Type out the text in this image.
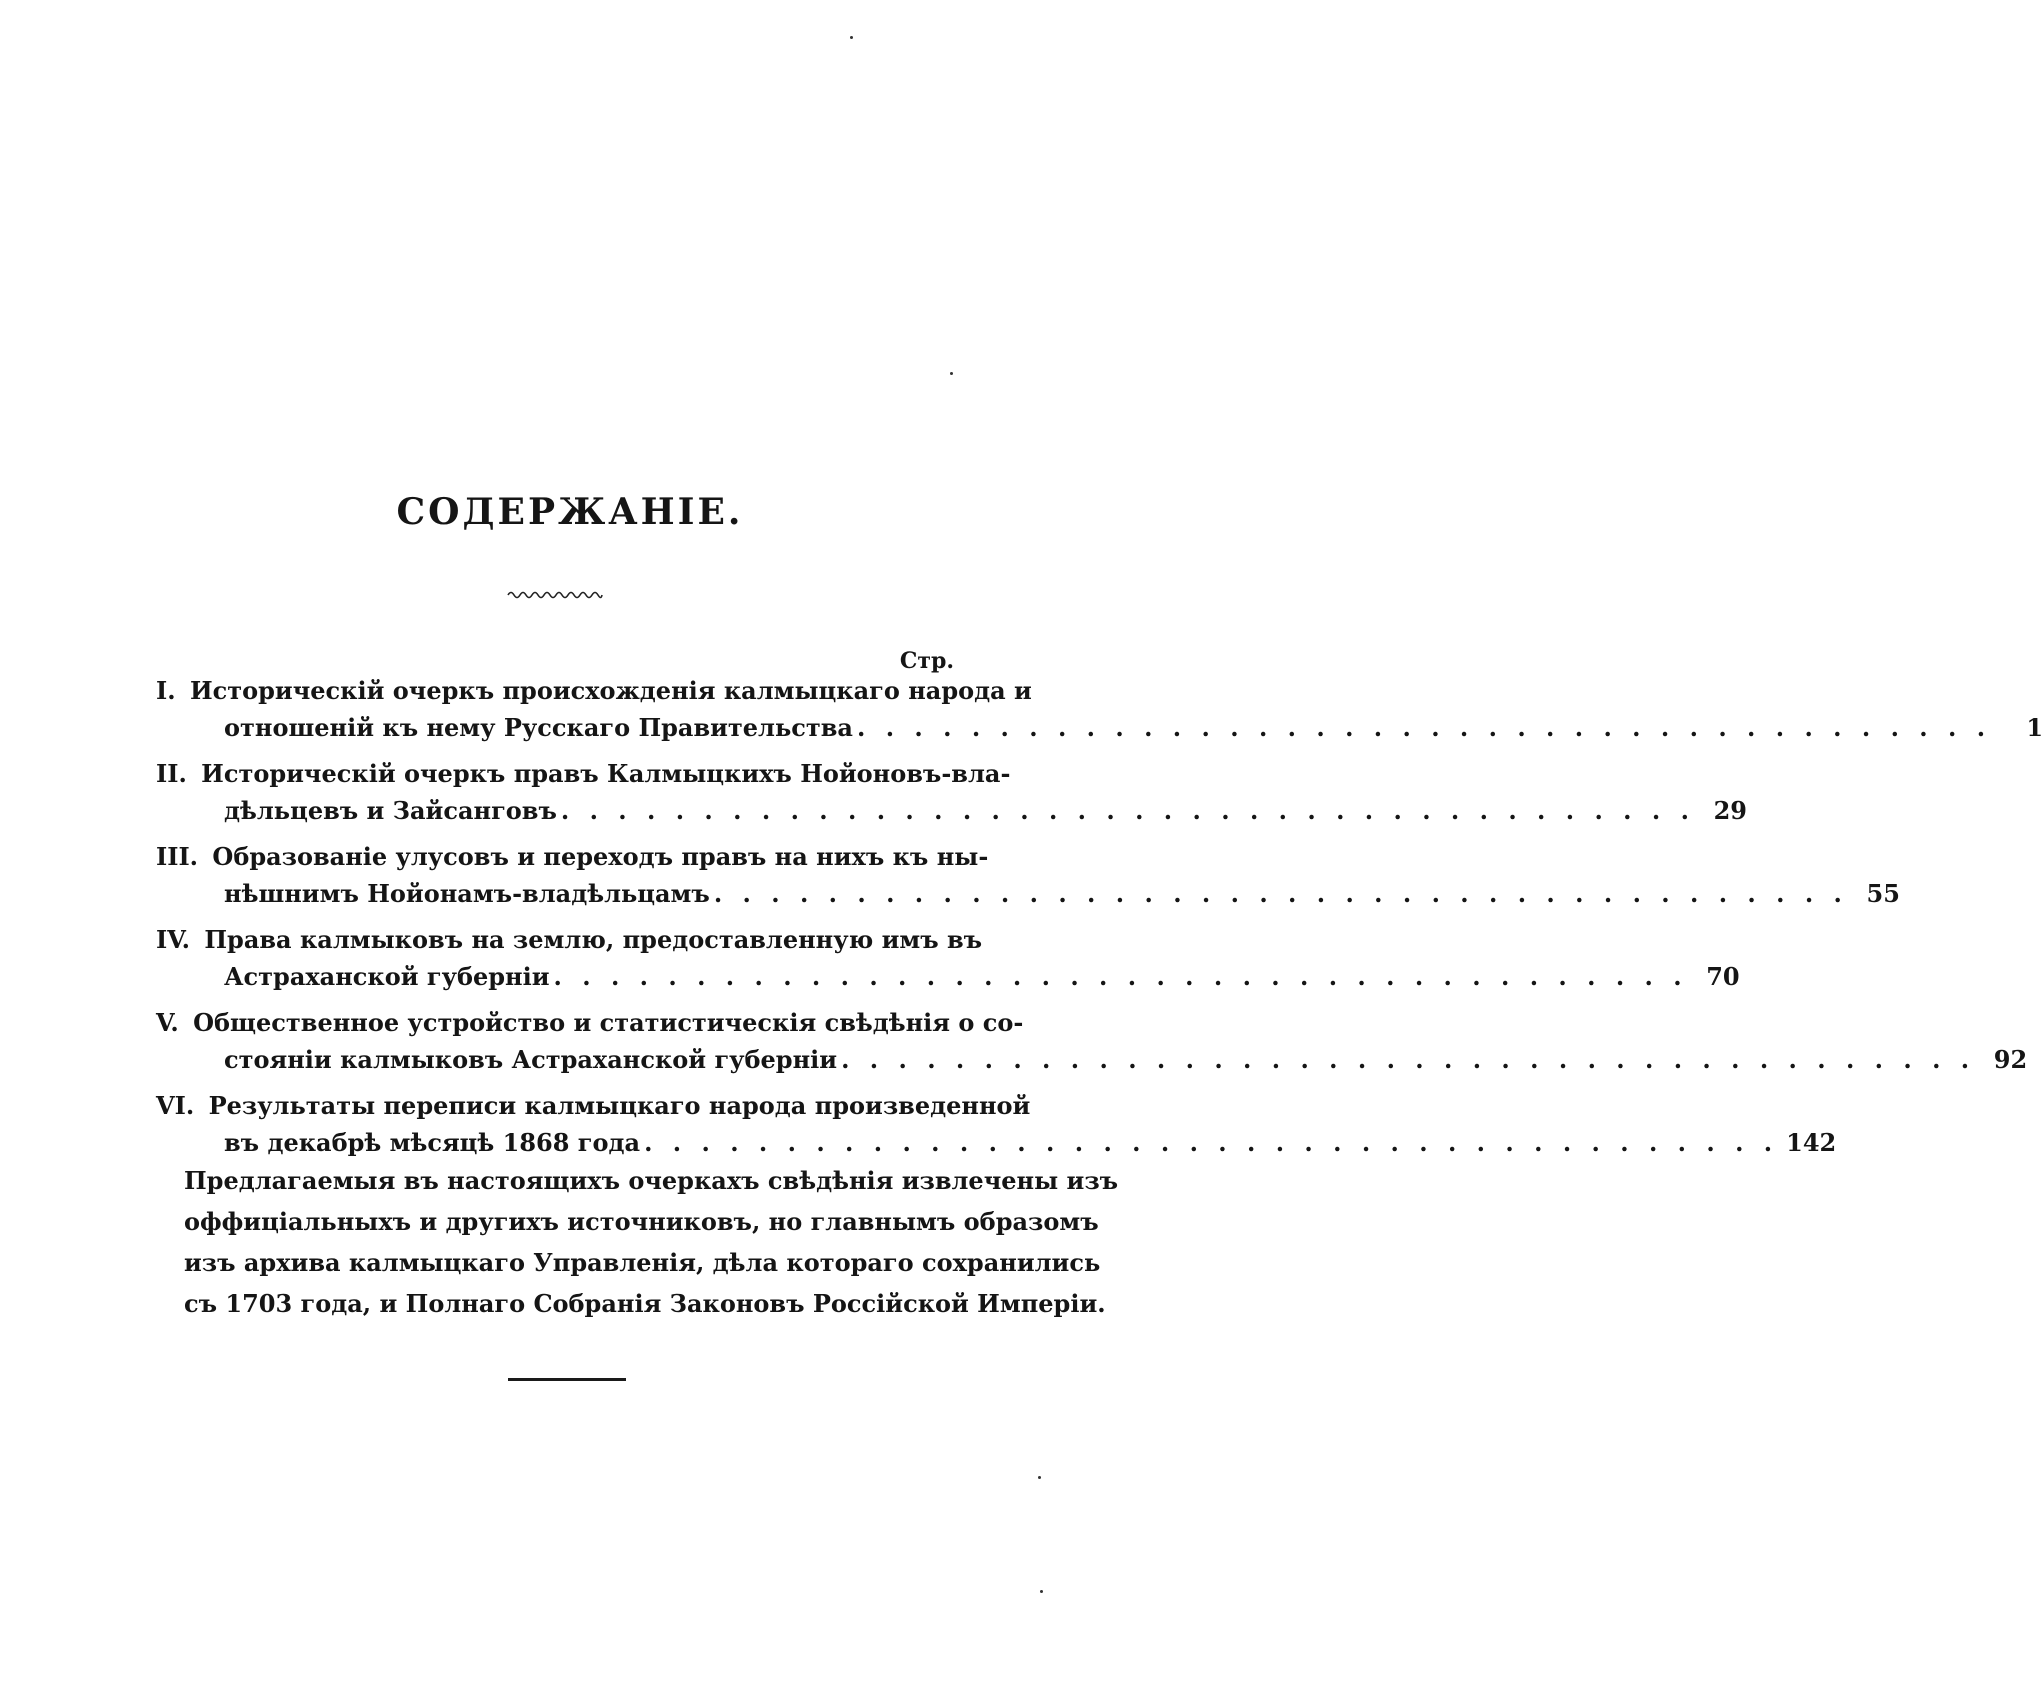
СОДЕРЖАНІЕ.
Стр.
I. Историческій очеркъ происхожденія калмыцкаго народа и
отношеній къ нему Русскаго Правительства . . . . . . . . . . . . . . . . . . . . . . . . . . . . . . . . . . . . . . . .	1
II. Историческій очеркъ правъ Калмыцкихъ Нойоновъ-вла-
дѣльцевъ и Зайсанговъ . . . . . . . . . . . . . . . . . . . . . . . . . . . . . . . . . . . . . . . . 29
III. Образованіе улусовъ и переходъ правъ на нихъ къ ны-
нѣшнимъ Нойонамъ-владѣльцамъ . . . . . . . . . . . . . . . . . . . . . . . . . . . . . . . . . . . . . . . . 55
IV. Права калмыковъ на землю, предоставленную имъ въ
Астраханской губерніи . . . . . . . . . . . . . . . . . . . . . . . . . . . . . . . . . . . . . . . . 70
V. Общественное устройство и статистическія свѣдѣнія о со-
стояніи калмыковъ Астраханской губерніи . . . . . . . . . . . . . . . . . . . . . . . . . . . . . . . . . . . . . . . . 92
VI. Результаты переписи калмыцкаго народа произведенной
въ декабрѣ мѣсяцѣ 1868 года . . . . . . . . . . . . . . . . . . . . . . . . . . . . . . . . . . . . . . . . 142
Предлагаемыя въ настоящихъ очеркахъ свѣдѣнія извлечены изъ
оффиціальныхъ и другихъ источниковъ, но главнымъ образомъ
изъ архива калмыцкаго Управленія, дѣла котораго сохранились
съ 1703 года, и Полнаго Собранія Законовъ Россійской Имперіи.
